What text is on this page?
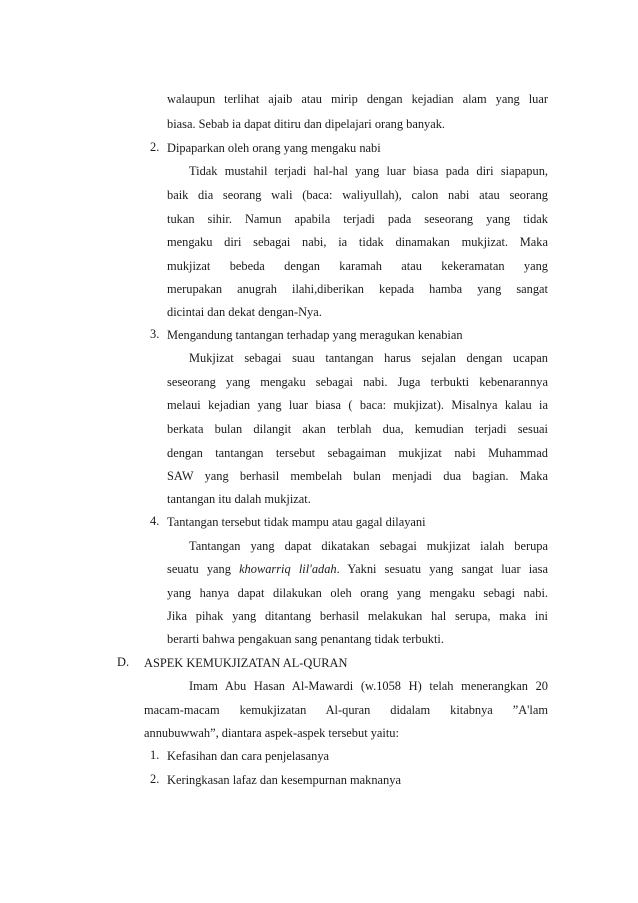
walaupun terlihat ajaib atau mirip dengan kejadian alam yang luar
biasa. Sebab ia dapat ditiru dan dipelajari orang banyak.
2. Dipaparkan oleh orang yang mengaku nabi
Tidak mustahil terjadi hal-hal yang luar biasa pada diri siapapun,
baik dia seorang wali (baca: waliyullah), calon nabi atau seorang
tukan sihir. Namun apabila terjadi pada seseorang yang tidak
mengaku diri sebagai nabi, ia tidak dinamakan mukjizat. Maka
mukjizat bebeda dengan karamah atau kekeramatan yang
merupakan anugrah ilahi,diberikan kepada hamba yang sangat
dicintai dan dekat dengan-Nya.
3. Mengandung tantangan terhadap yang meragukan kenabian
Mukjizat sebagai suau tantangan harus sejalan dengan ucapan
seseorang yang mengaku sebagai nabi. Juga terbukti kebenarannya
melaui kejadian yang luar biasa ( baca: mukjizat). Misalnya kalau ia
berkata bulan dilangit akan terblah dua, kemudian terjadi sesuai
dengan tantangan tersebut sebagaiman mukjizat nabi Muhammad
SAW yang berhasil membelah bulan menjadi dua bagian. Maka
tantangan itu dalah mukjizat.
4. Tantangan tersebut tidak mampu atau gagal dilayani
Tantangan yang dapat dikatakan sebagai mukjizat ialah berupa
seuatu yang khowarriq lil'adah. Yakni sesuatu yang sangat luar iasa
yang hanya dapat dilakukan oleh orang yang mengaku sebagi nabi.
Jika pihak yang ditantang berhasil melakukan hal serupa, maka ini
berarti bahwa pengakuan sang penantang tidak terbukti.
D. ASPEK KEMUKJIZATAN AL-QURAN
Imam Abu Hasan Al-Mawardi (w.1058 H) telah menerangkan 20
macam-macam kemukjizatan Al-quran didalam kitabnya ”A'lam
annubuwwah”, diantara aspek-aspek tersebut yaitu:
1. Kefasihan dan cara penjelasanya
2. Keringkasan lafaz dan kesempurnan maknanya
